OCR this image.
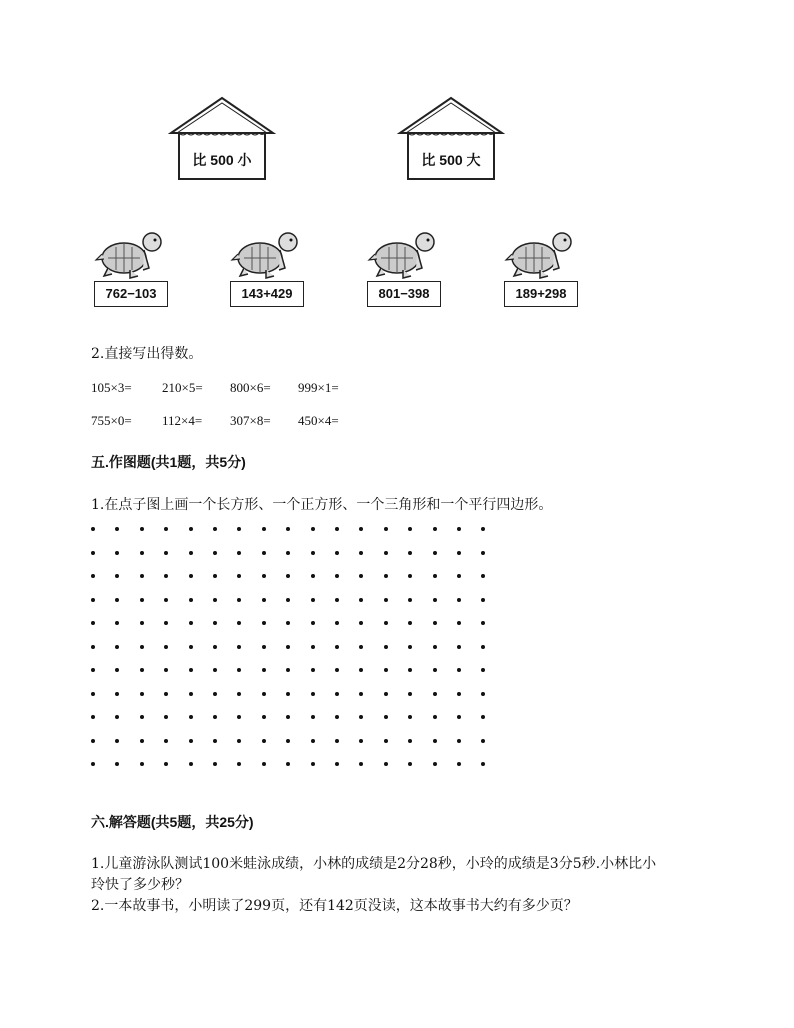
比 500 小	比 500 大
762−103	143+429	801−398	189+298
2.直接写出得数。
105×3= 210×5= 800×6= 999×1=
755×0= 112×4= 307×8= 450×4=
五.作图题(共1题，共5分)
1.在点子图上画一个长方形、一个正方形、一个三角形和一个平行四边形。
六.解答题(共5题，共25分)
1.儿童游泳队测试100米蛙泳成绩，小林的成绩是2分28秒，小玲的成绩是3分5秒.小林比小
玲快了多少秒？
2.一本故事书，小明读了299页，还有142页没读，这本故事书大约有多少页？
